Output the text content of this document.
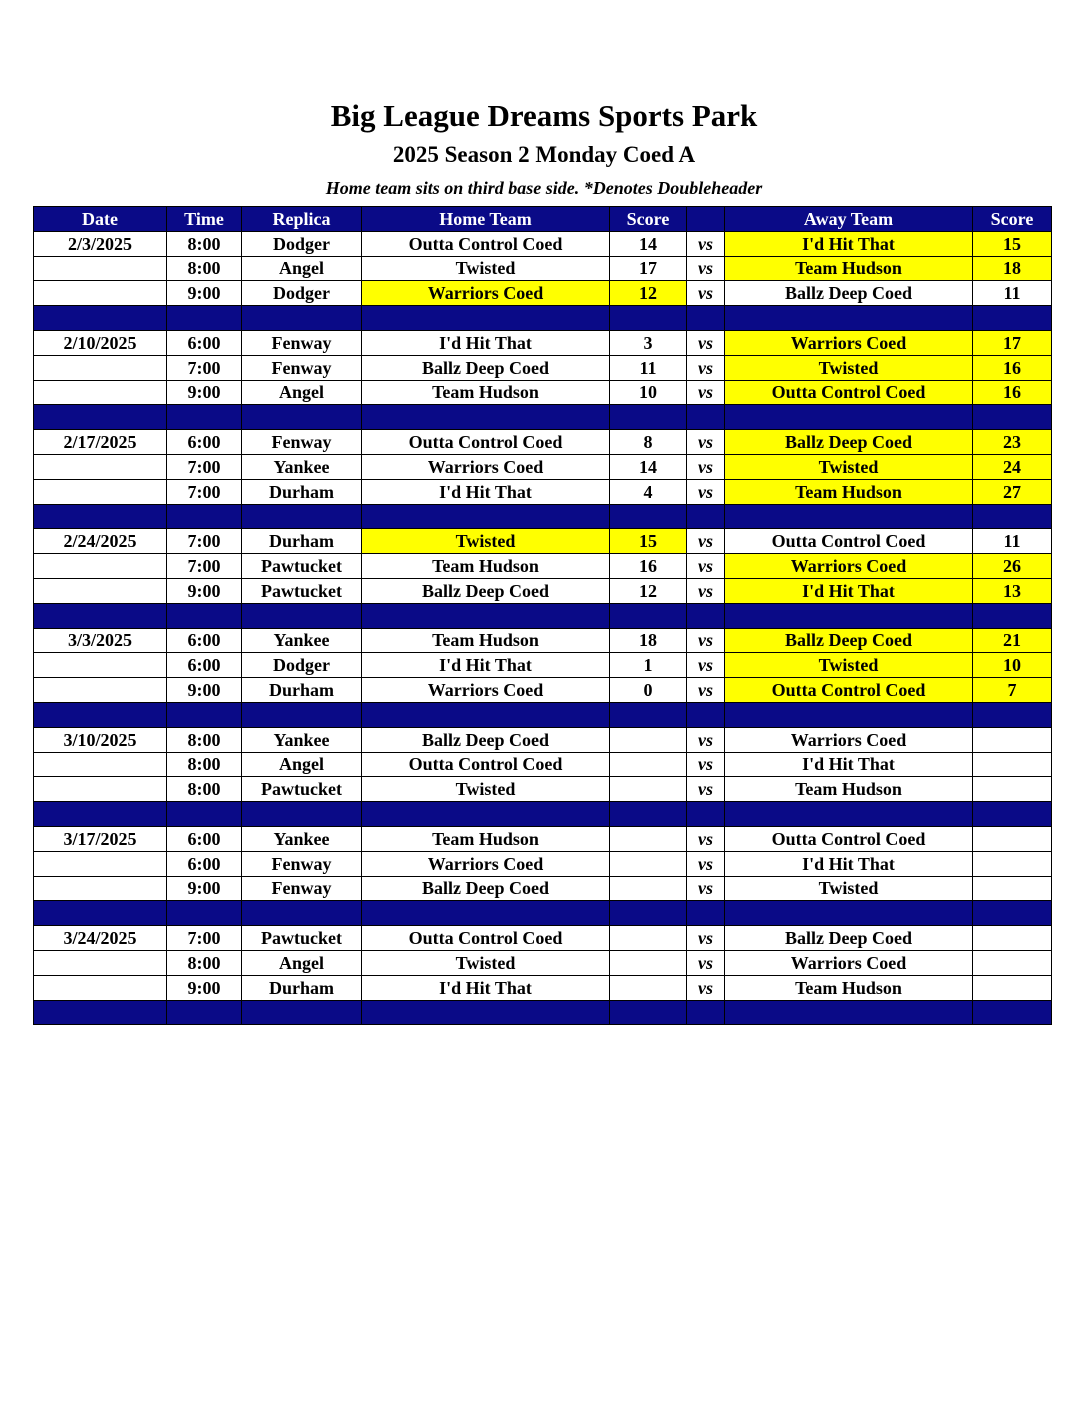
Big League Dreams Sports Park
2025 Season 2 Monday Coed A
Home team sits on third base side. *Denotes Doubleheader
Date	Time	Replica	Home Team	Score		Away Team	Score
2/3/2025	8:00	Dodger	Outta Control Coed	14	vs	I'd Hit That	15
	8:00	Angel	Twisted	17	vs	Team Hudson	18
	9:00	Dodger	Warriors Coed	12	vs	Ballz Deep Coed	11

2/10/2025	6:00	Fenway	I'd Hit That	3	vs	Warriors Coed	17
	7:00	Fenway	Ballz Deep Coed	11	vs	Twisted	16
	9:00	Angel	Team Hudson	10	vs	Outta Control Coed	16

2/17/2025	6:00	Fenway	Outta Control Coed	8	vs	Ballz Deep Coed	23
	7:00	Yankee	Warriors Coed	14	vs	Twisted	24
	7:00	Durham	I'd Hit That	4	vs	Team Hudson	27

2/24/2025	7:00	Durham	Twisted	15	vs	Outta Control Coed	11
	7:00	Pawtucket	Team Hudson	16	vs	Warriors Coed	26
	9:00	Pawtucket	Ballz Deep Coed	12	vs	I'd Hit That	13

3/3/2025	6:00	Yankee	Team Hudson	18	vs	Ballz Deep Coed	21
	6:00	Dodger	I'd Hit That	1	vs	Twisted	10
	9:00	Durham	Warriors Coed	0	vs	Outta Control Coed	7

3/10/2025	8:00	Yankee	Ballz Deep Coed		vs	Warriors Coed	
	8:00	Angel	Outta Control Coed		vs	I'd Hit That	
	8:00	Pawtucket	Twisted		vs	Team Hudson	

3/17/2025	6:00	Yankee	Team Hudson		vs	Outta Control Coed	
	6:00	Fenway	Warriors Coed		vs	I'd Hit That	
	9:00	Fenway	Ballz Deep Coed		vs	Twisted	

3/24/2025	7:00	Pawtucket	Outta Control Coed		vs	Ballz Deep Coed	
	8:00	Angel	Twisted		vs	Warriors Coed	
	9:00	Durham	I'd Hit That		vs	Team Hudson	
